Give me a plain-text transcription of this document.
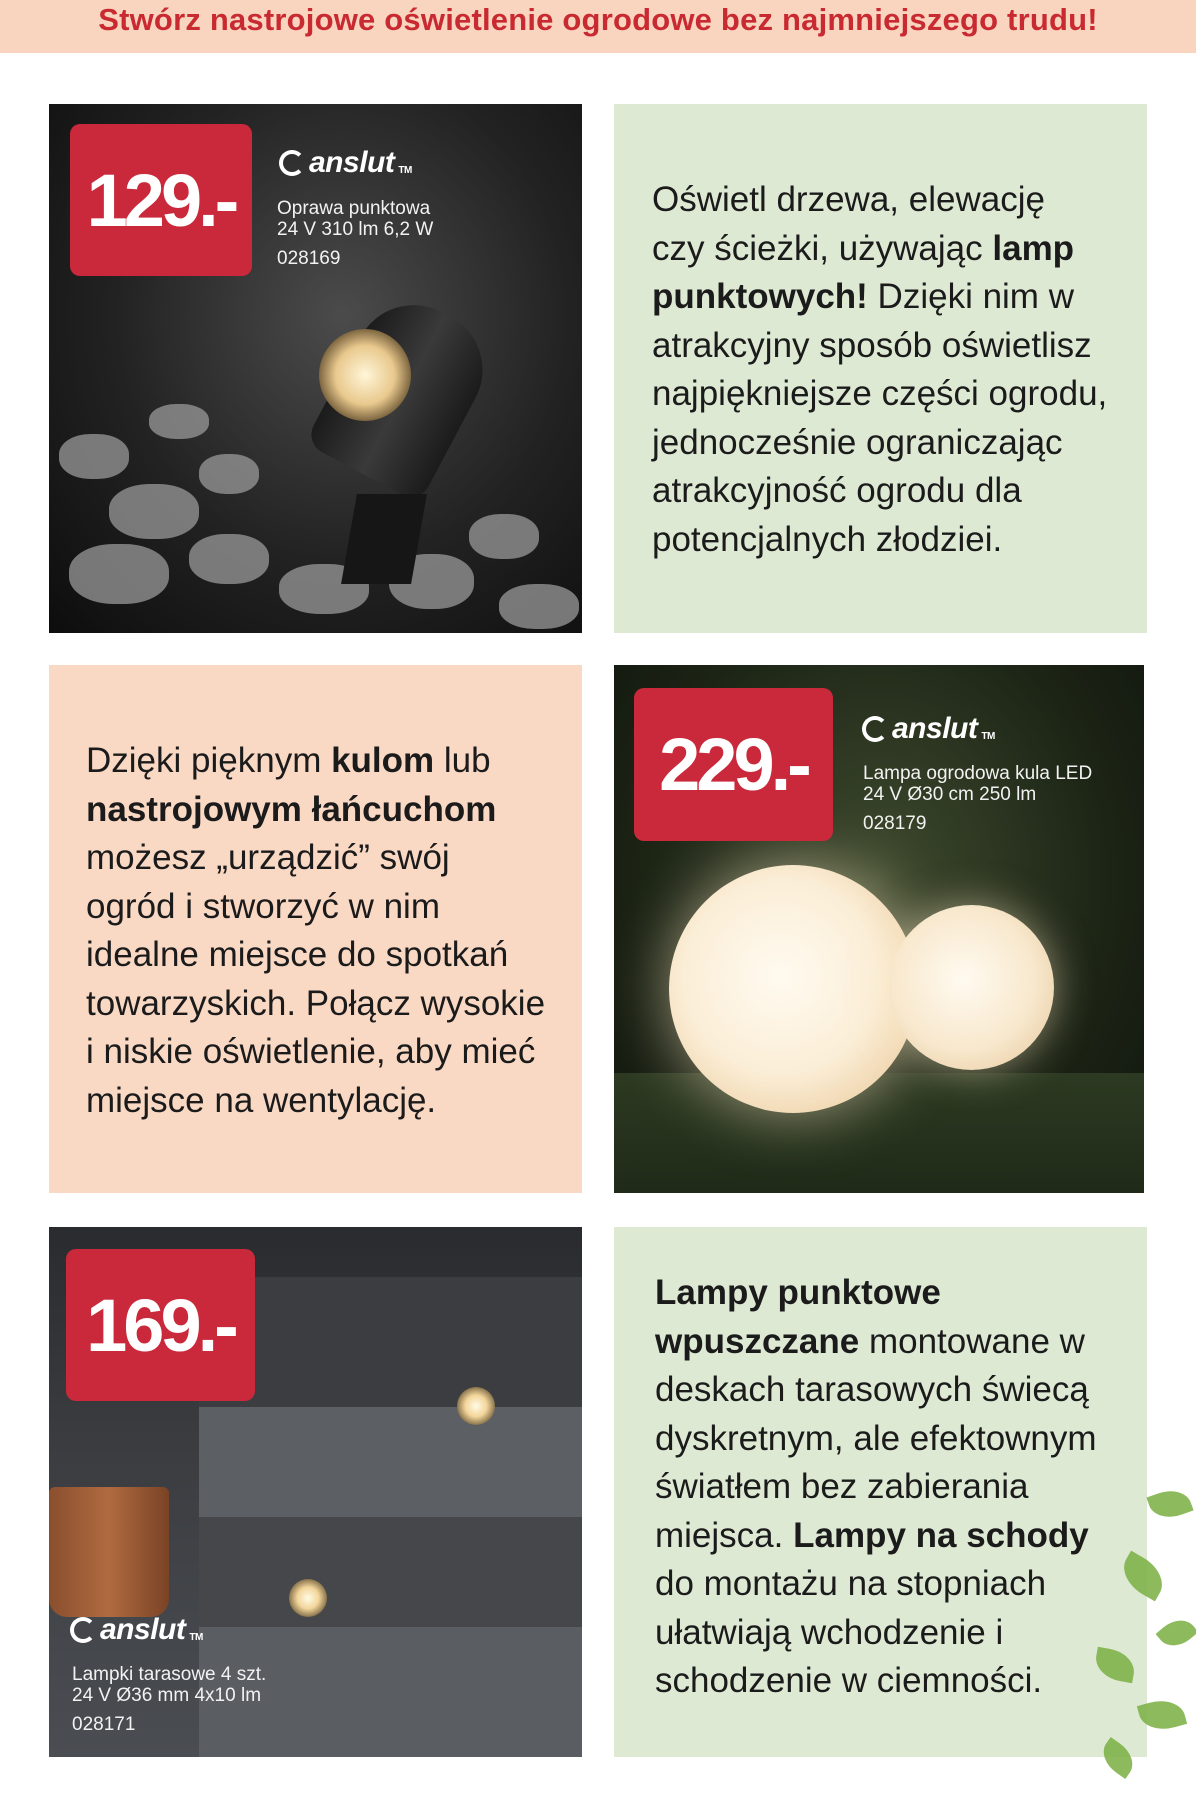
Stwórz nastrojowe oświetlenie ogrodowe bez najmniejszego trudu!
129.- anslut TM
Oprawa punktowa
24 V 310 lm 6,2 W
028169
Oświetl drzewa, elewację
czy ścieżki, używając lamp
punktowych! Dzięki nim w
atrakcyjny sposób oświetlisz
najpiękniejsze części ogrodu,
jednocześnie ograniczając
atrakcyjność ogrodu dla
potencjalnych złodziei.
Dzięki pięknym kulom lub
nastrojowym łańcuchom
możesz „urządzić” swój
ogród i stworzyć w nim
idealne miejsce do spotkań
towarzyskich. Połącz wysokie
i niskie oświetlenie, aby mieć
miejsce na wentylację.
229.-	anslut TM
Lampa ogrodowa kula LED
24 V Ø30 cm 250 lm
028179
169.-
anslut TM
Lampki tarasowe 4 szt.
24 V Ø36 mm 4x10 lm
028171
Lampy punktowe
wpuszczane montowane w
deskach tarasowych świecą
dyskretnym, ale efektownym
światłem bez zabierania
miejsca. Lampy na schody
do montażu na stopniach
ułatwiają wchodzenie i
schodzenie w ciemności.
